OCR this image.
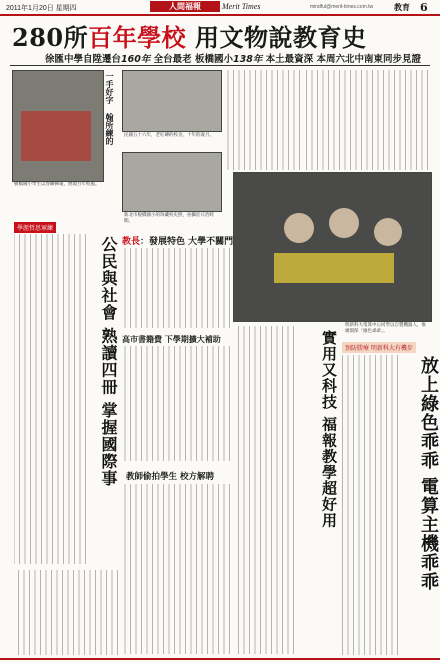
2011年1月20日 星期四	人間福報	Merit Times	mindful@merit-times.com.tw	教育 6
280所百年學校 用文物說教育史
徐匯中學自陞遷台160年 全台最老 板橋國小138年 本土最資深 本周六北中南東同步見證
一手好字 翰所練的
板橋國小學生以春聯揮毫，展現百年校風。
民國五十六年，老紅磚的校舍，十年的歲月。
新北市板橋國小的珍藏校史照，拍攝於日治時期。
明新科大電算中心同學以自製機器人，推廣環保「綠色乖乖」。
學涯哲思軍練
公民與社會 熟讀四冊 掌握國際事 教長：發展特色 大學不關門
高市書籍費 下學期擴大補助
教師偷拍學生 校方解聘	實用又科技 福報教學超好用	預防勝療 明新科大有機步
放上綠色乖乖 電算主機乖乖
